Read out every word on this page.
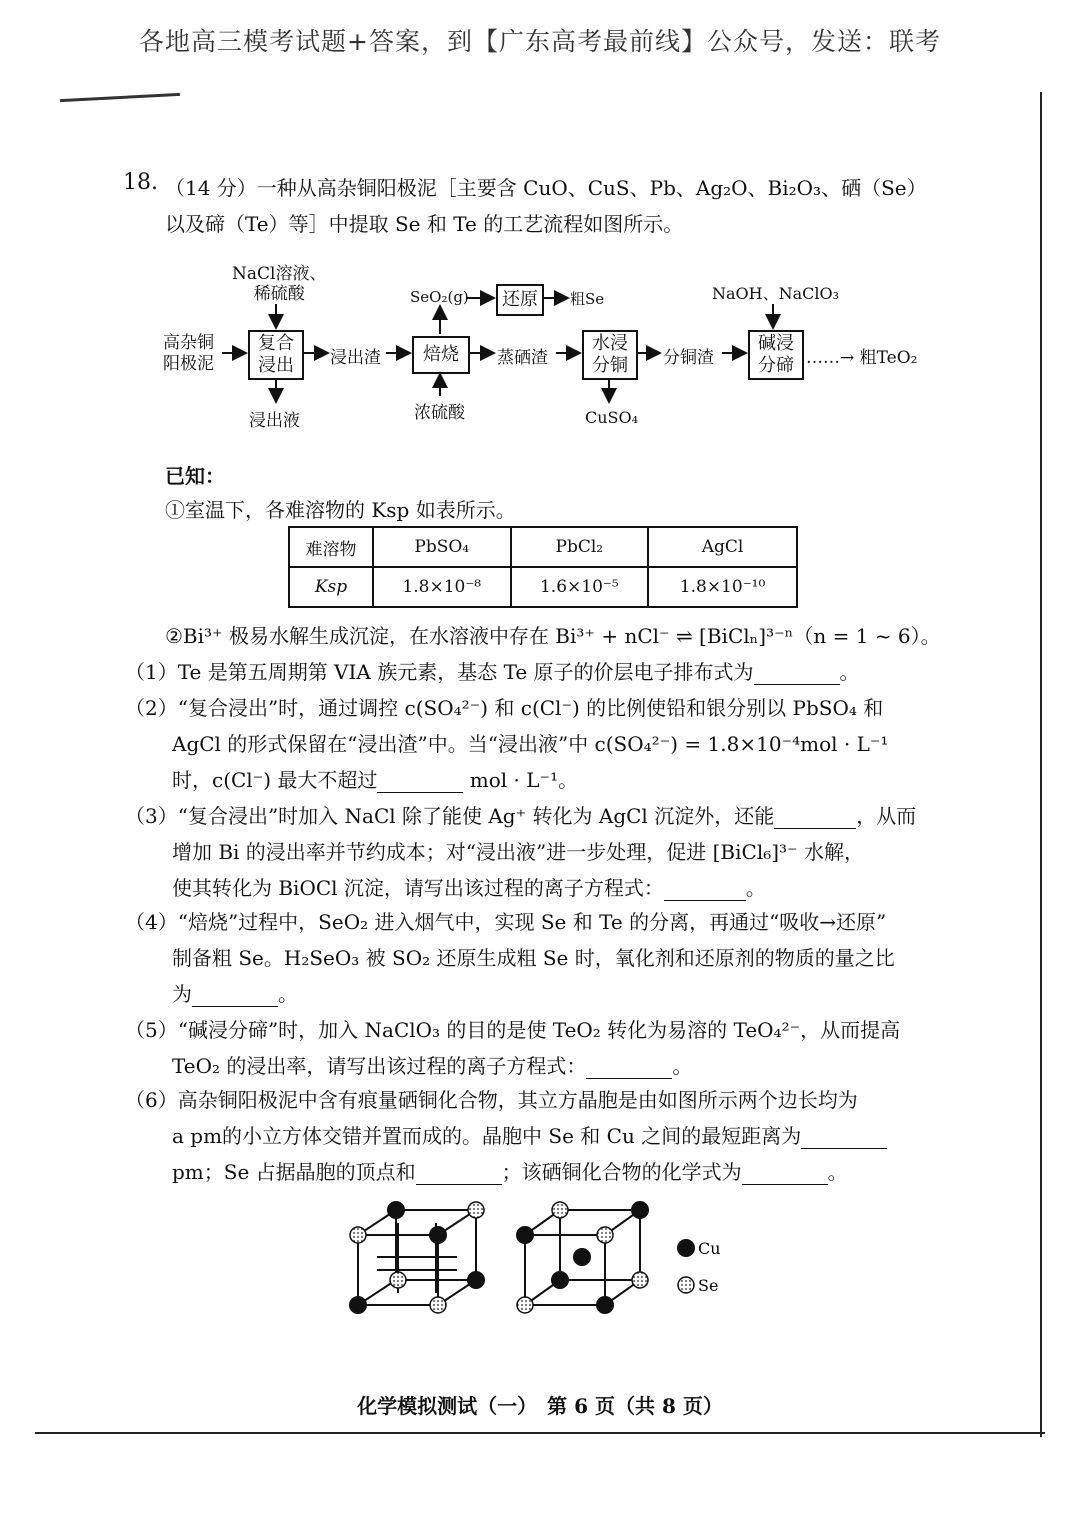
各地高三模考试题+答案，到【广东高考最前线】公众号，发送：联考
18. （14 分）一种从高杂铜阳极泥［主要含 CuO、CuS、Pb、Ag₂O、Bi₂O₃、硒（Se）
以及碲（Te）等］中提取 Se 和 Te 的工艺流程如图所示。
高杂铜
阳极泥
NaCl溶液、
稀硫酸
复合
浸出
浸出液
浸出渣 焙烧
浓硫酸
SeO₂(g) 还原 粗Se
蒸硒渣
水浸
分铜
CuSO₄
分铜渣
NaOH、NaClO₃
碱浸
分碲 ……→ 粗TeO₂
已知：
①室温下，各难溶物的 Ksp 如表所示。
难溶物	PbSO₄	PbCl₂	AgCl
Ksp	1.8×10⁻⁸	1.6×10⁻⁵	1.8×10⁻¹⁰
②Bi³⁺ 极易水解生成沉淀，在水溶液中存在 Bi³⁺ + nCl⁻ ⇌ [BiClₙ]³⁻ⁿ（n = 1 ~ 6）。
（1）Te 是第五周期第 VIA 族元素，基态 Te 原子的价层电子排布式为	。
（2）“复合浸出”时，通过调控 c(SO₄²⁻) 和 c(Cl⁻) 的比例使铅和银分别以 PbSO₄ 和
AgCl 的形式保留在“浸出渣”中。当“浸出液”中 c(SO₄²⁻) = 1.8×10⁻⁴mol · L⁻¹
时，c(Cl⁻) 最大不超过	mol · L⁻¹。
（3）“复合浸出”时加入 NaCl 除了能使 Ag⁺ 转化为 AgCl 沉淀外，还能	，从而
增加 Bi 的浸出率并节约成本；对“浸出液”进一步处理，促进 [BiCl₆]³⁻ 水解，
使其转化为 BiOCl 沉淀，请写出该过程的离子方程式：	。
（4）“焙烧”过程中，SeO₂ 进入烟气中，实现 Se 和 Te 的分离，再通过“吸收→还原”
制备粗 Se。H₂SeO₃ 被 SO₂ 还原生成粗 Se 时，氧化剂和还原剂的物质的量之比
为	。
（5）“碱浸分碲”时，加入 NaClO₃ 的目的是使 TeO₂ 转化为易溶的 TeO₄²⁻，从而提高
TeO₂ 的浸出率，请写出该过程的离子方程式：	。
（6）高杂铜阳极泥中含有痕量硒铜化合物，其立方晶胞是由如图所示两个边长均为
a pm的小立方体交错并置而成的。晶胞中 Se 和 Cu 之间的最短距离为
pm；Se 占据晶胞的顶点和	；该硒铜化合物的化学式为	。
Cu
Se
化学模拟测试（一）　第 6 页（共 8 页）
